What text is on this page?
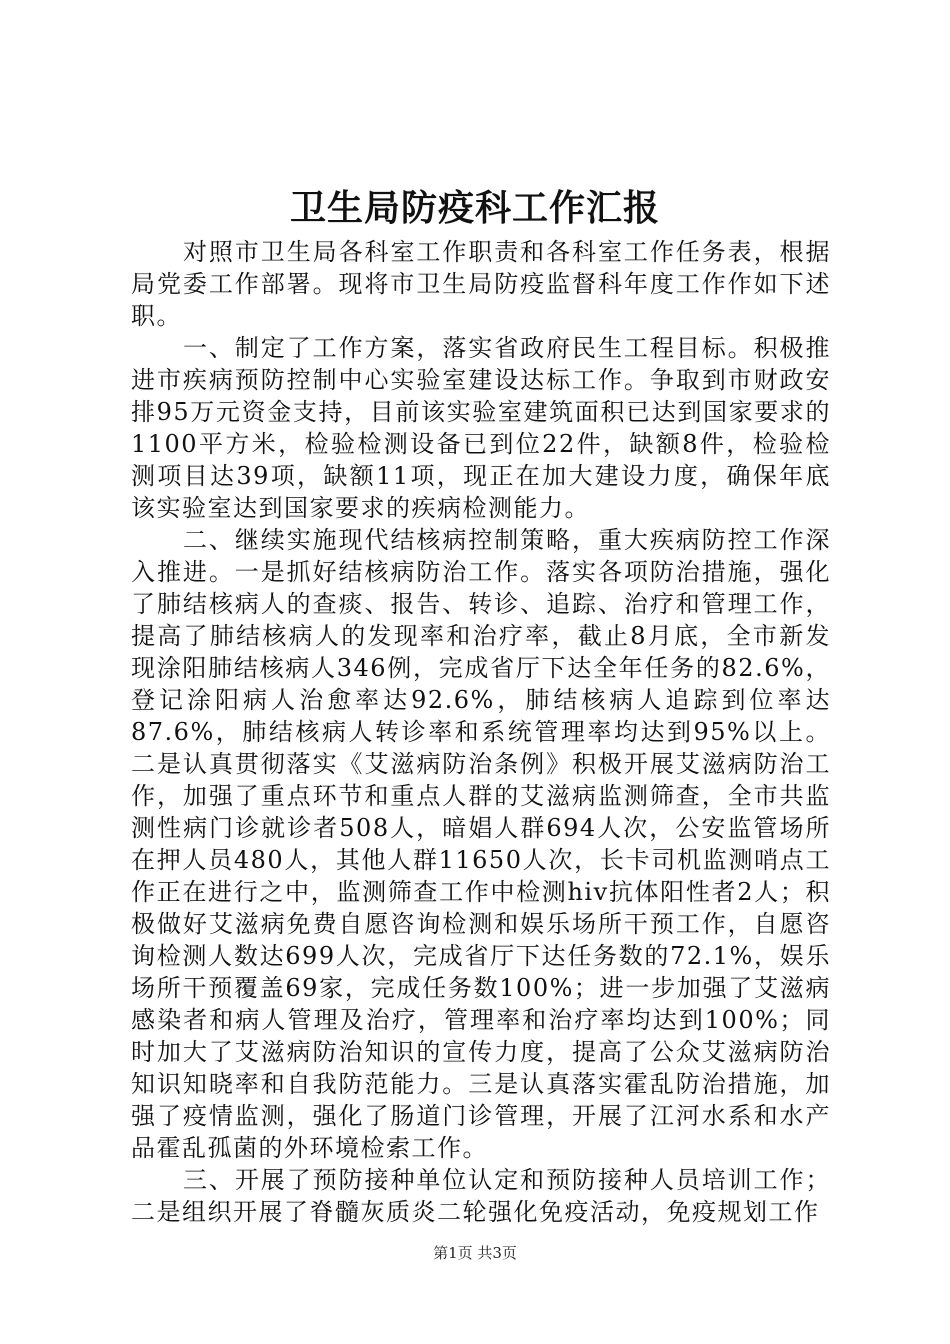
卫生局防疫科工作汇报

对照市卫生局各科室工作职责和各科室工作任务表，根据局党委工作部署。现将市卫生局防疫监督科年度工作作如下述职。

一、制定了工作方案，落实省政府民生工程目标。积极推进市疾病预防控制中心实验室建设达标工作。争取到市财政安排95万元资金支持，目前该实验室建筑面积已达到国家要求的1100平方米，检验检测设备已到位22件，缺额8件，检验检测项目达39项，缺额11项，现正在加大建设力度，确保年底该实验室达到国家要求的疾病检测能力。

二、继续实施现代结核病控制策略，重大疾病防控工作深入推进。一是抓好结核病防治工作。落实各项防治措施，强化了肺结核病人的查痰、报告、转诊、追踪、治疗和管理工作，提高了肺结核病人的发现率和治疗率，截止8月底，全市新发现涂阳肺结核病人346例，完成省厅下达全年任务的82.6%，登记涂阳病人治愈率达92.6%，肺结核病人追踪到位率达87.6%，肺结核病人转诊率和系统管理率均达到95%以上。二是认真贯彻落实《艾滋病防治条例》积极开展艾滋病防治工作，加强了重点环节和重点人群的艾滋病监测筛查，全市共监测性病门诊就诊者508人，暗娼人群694人次，公安监管场所在押人员480人，其他人群11650人次，长卡司机监测哨点工作正在进行之中，监测筛查工作中检测hiv抗体阳性者2人；积极做好艾滋病免费自愿咨询检测和娱乐场所干预工作，自愿咨询检测人数达699人次，完成省厅下达任务数的72.1%，娱乐场所干预覆盖69家，完成任务数100%；进一步加强了艾滋病感染者和病人管理及治疗，管理率和治疗率均达到100%；同时加大了艾滋病防治知识的宣传力度，提高了公众艾滋病防治知识知晓率和自我防范能力。三是认真落实霍乱防治措施，加强了疫情监测，强化了肠道门诊管理，开展了江河水系和水产品霍乱孤菌的外环境检索工作。

三、开展了预防接种单位认定和预防接种人员培训工作；二是组织开展了脊髓灰质炎二轮强化免疫活动，免疫规划工作

第1页 共3页
